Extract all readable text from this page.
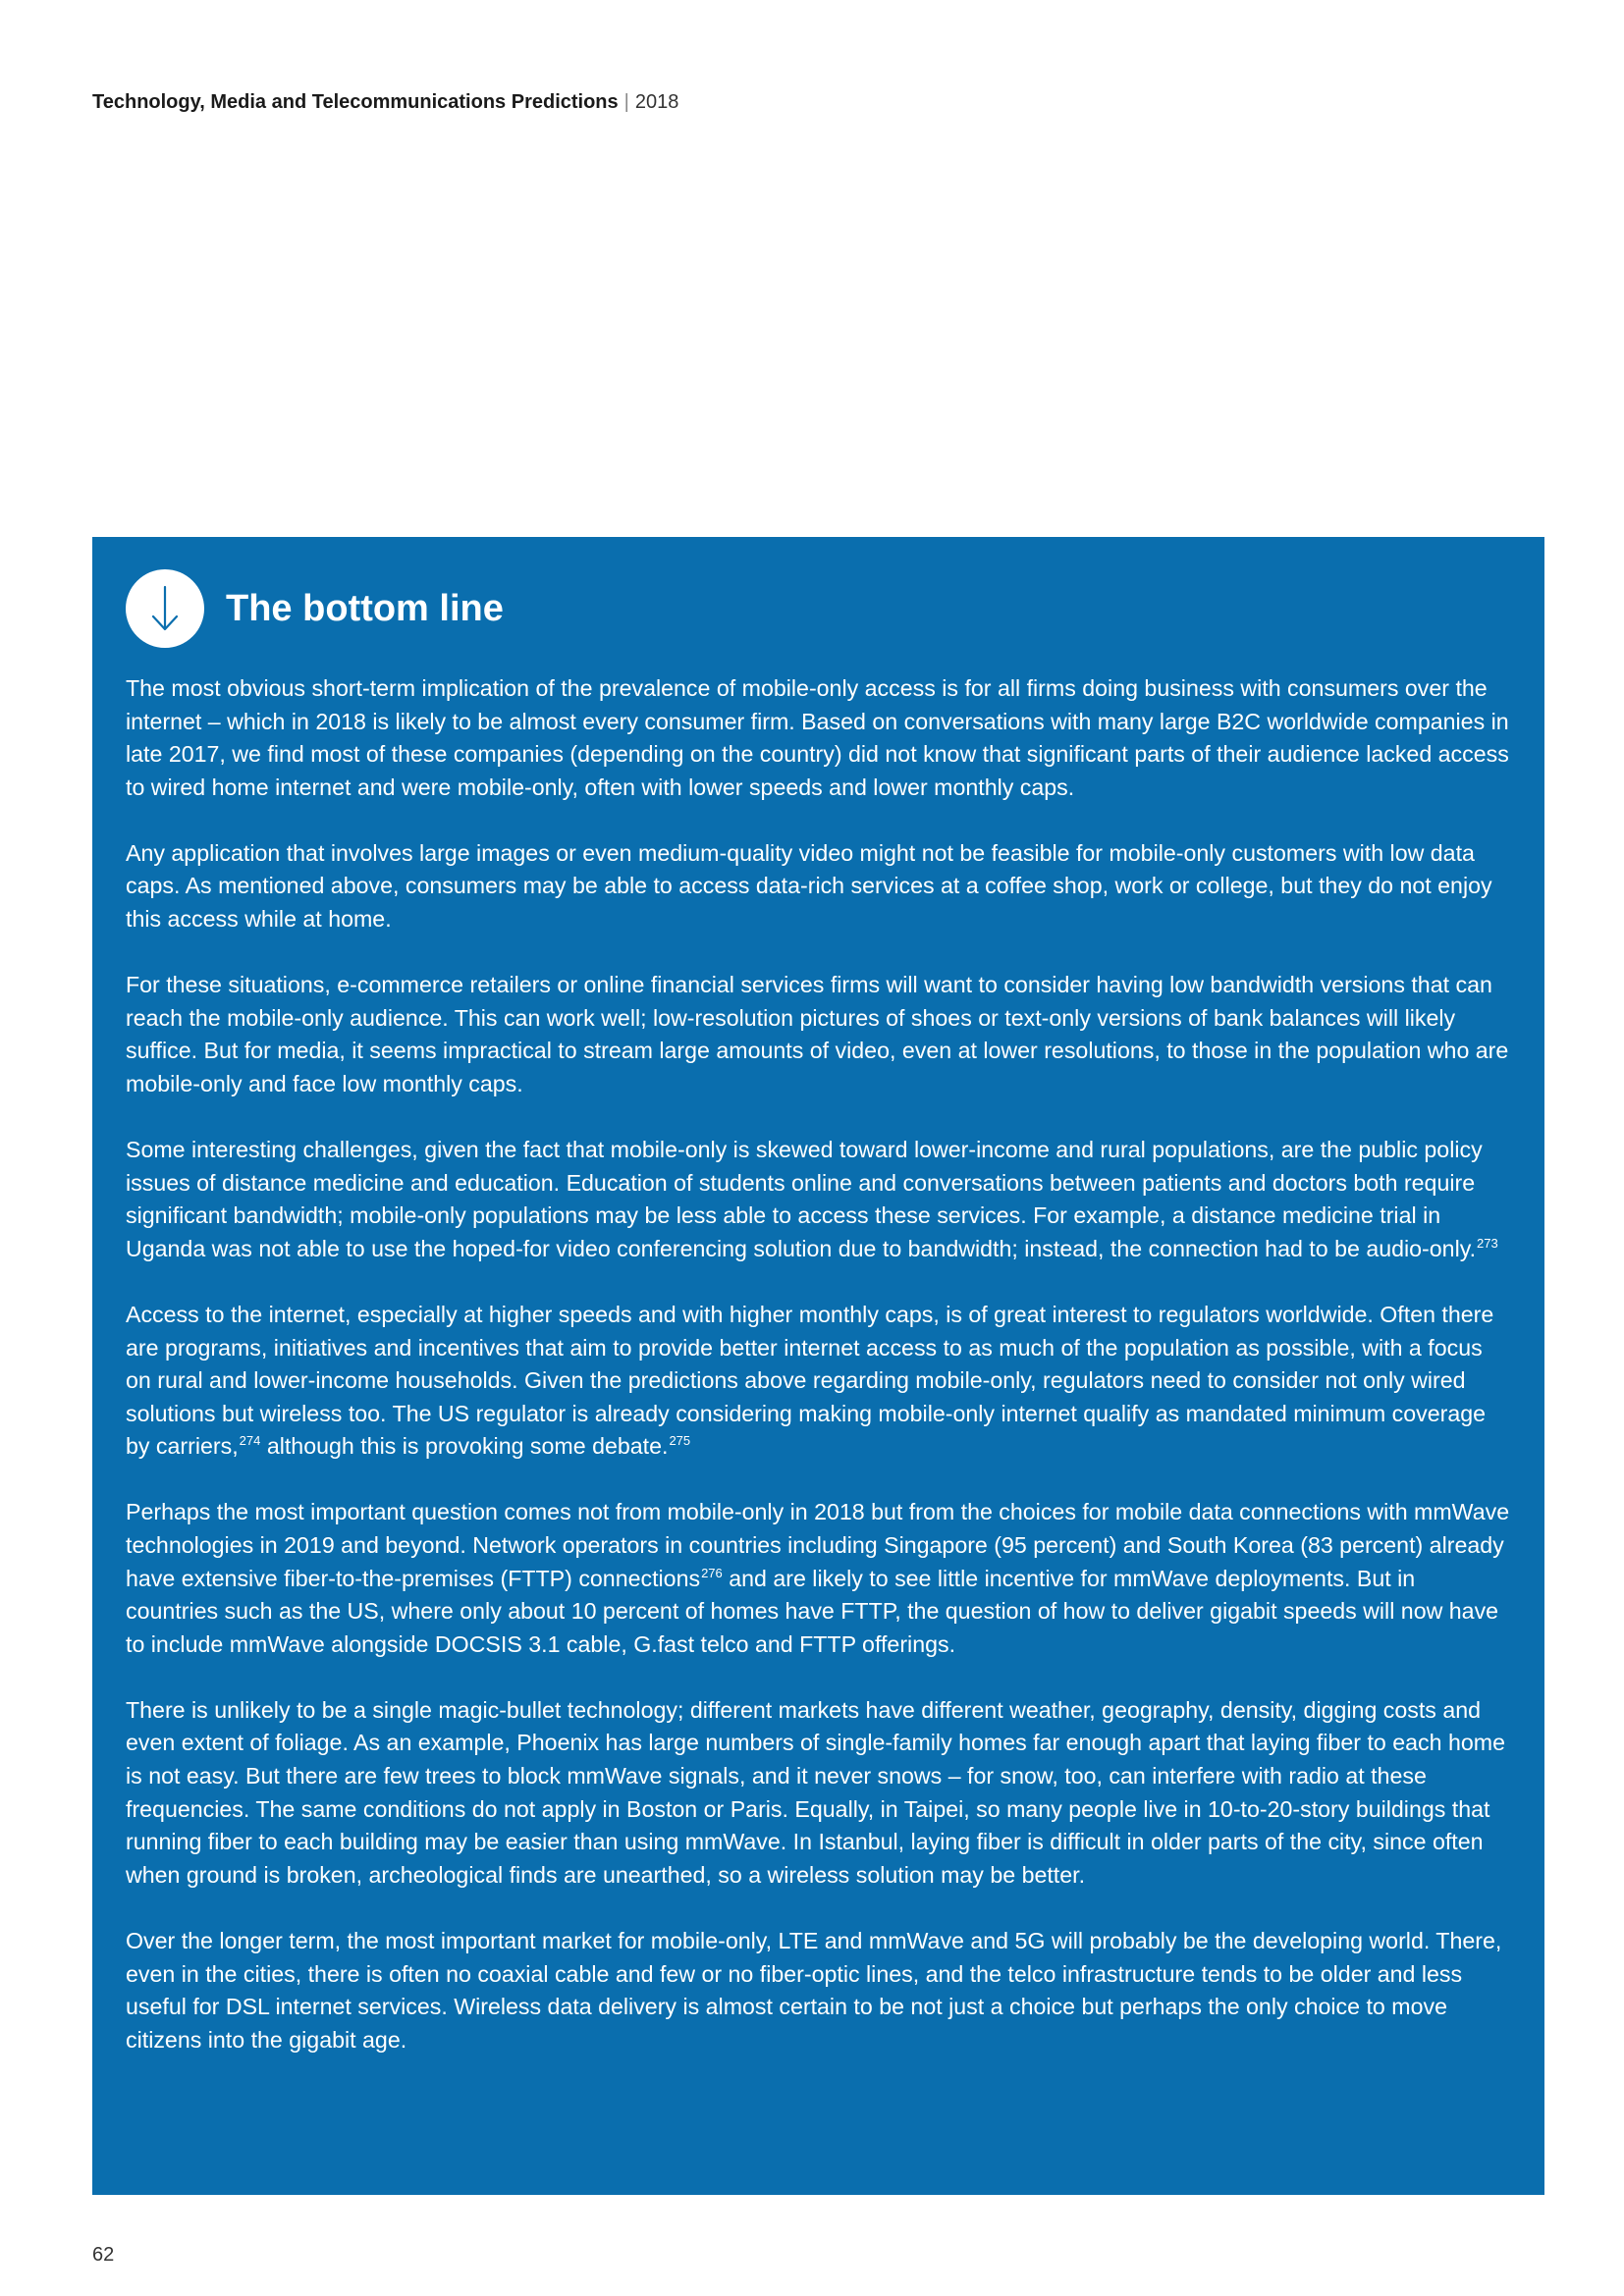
Technology, Media and Telecommunications Predictions | 2018
The bottom line

The most obvious short-term implication of the prevalence of mobile-only access is for all firms doing business with consumers over the internet – which in 2018 is likely to be almost every consumer firm. Based on conversations with many large B2C worldwide companies in late 2017, we find most of these companies (depending on the country) did not know that significant parts of their audience lacked access to wired home internet and were mobile-only, often with lower speeds and lower monthly caps.

Any application that involves large images or even medium-quality video might not be feasible for mobile-only customers with low data caps. As mentioned above, consumers may be able to access data-rich services at a coffee shop, work or college, but they do not enjoy this access while at home.

For these situations, e-commerce retailers or online financial services firms will want to consider having low bandwidth versions that can reach the mobile-only audience. This can work well; low-resolution pictures of shoes or text-only versions of bank balances will likely suffice. But for media, it seems impractical to stream large amounts of video, even at lower resolutions, to those in the population who are mobile-only and face low monthly caps.

Some interesting challenges, given the fact that mobile-only is skewed toward lower-income and rural populations, are the public policy issues of distance medicine and education. Education of students online and conversations between patients and doctors both require significant bandwidth; mobile-only populations may be less able to access these services. For example, a distance medicine trial in Uganda was not able to use the hoped-for video conferencing solution due to bandwidth; instead, the connection had to be audio-only.$^{273}$

Access to the internet, especially at higher speeds and with higher monthly caps, is of great interest to regulators worldwide. Often there are programs, initiatives and incentives that aim to provide better internet access to as much of the population as possible, with a focus on rural and lower-income households. Given the predictions above regarding mobile-only, regulators need to consider not only wired solutions but wireless too. The US regulator is already considering making mobile-only internet qualify as mandated minimum coverage by carriers,$^{274}$ although this is provoking some debate.$^{275}$

Perhaps the most important question comes not from mobile-only in 2018 but from the choices for mobile data connections with mmWave technologies in 2019 and beyond. Network operators in countries including Singapore (95 percent) and South Korea (83 percent) already have extensive fiber-to-the-premises (FTTP) connections$^{276}$ and are likely to see little incentive for mmWave deployments. But in countries such as the US, where only about 10 percent of homes have FTTP, the question of how to deliver gigabit speeds will now have to include mmWave alongside DOCSIS 3.1 cable, G.fast telco and FTTP offerings.

There is unlikely to be a single magic-bullet technology; different markets have different weather, geography, density, digging costs and even extent of foliage. As an example, Phoenix has large numbers of single-family homes far enough apart that laying fiber to each home is not easy. But there are few trees to block mmWave signals, and it never snows – for snow, too, can interfere with radio at these frequencies. The same conditions do not apply in Boston or Paris. Equally, in Taipei, so many people live in 10-to-20-story buildings that running fiber to each building may be easier than using mmWave. In Istanbul, laying fiber is difficult in older parts of the city, since often when ground is broken, archeological finds are unearthed, so a wireless solution may be better.

Over the longer term, the most important market for mobile-only, LTE and mmWave and 5G will probably be the developing world. There, even in the cities, there is often no coaxial cable and few or no fiber-optic lines, and the telco infrastructure tends to be older and less useful for DSL internet services. Wireless data delivery is almost certain to be not just a choice but perhaps the only choice to move citizens into the gigabit age.

62
